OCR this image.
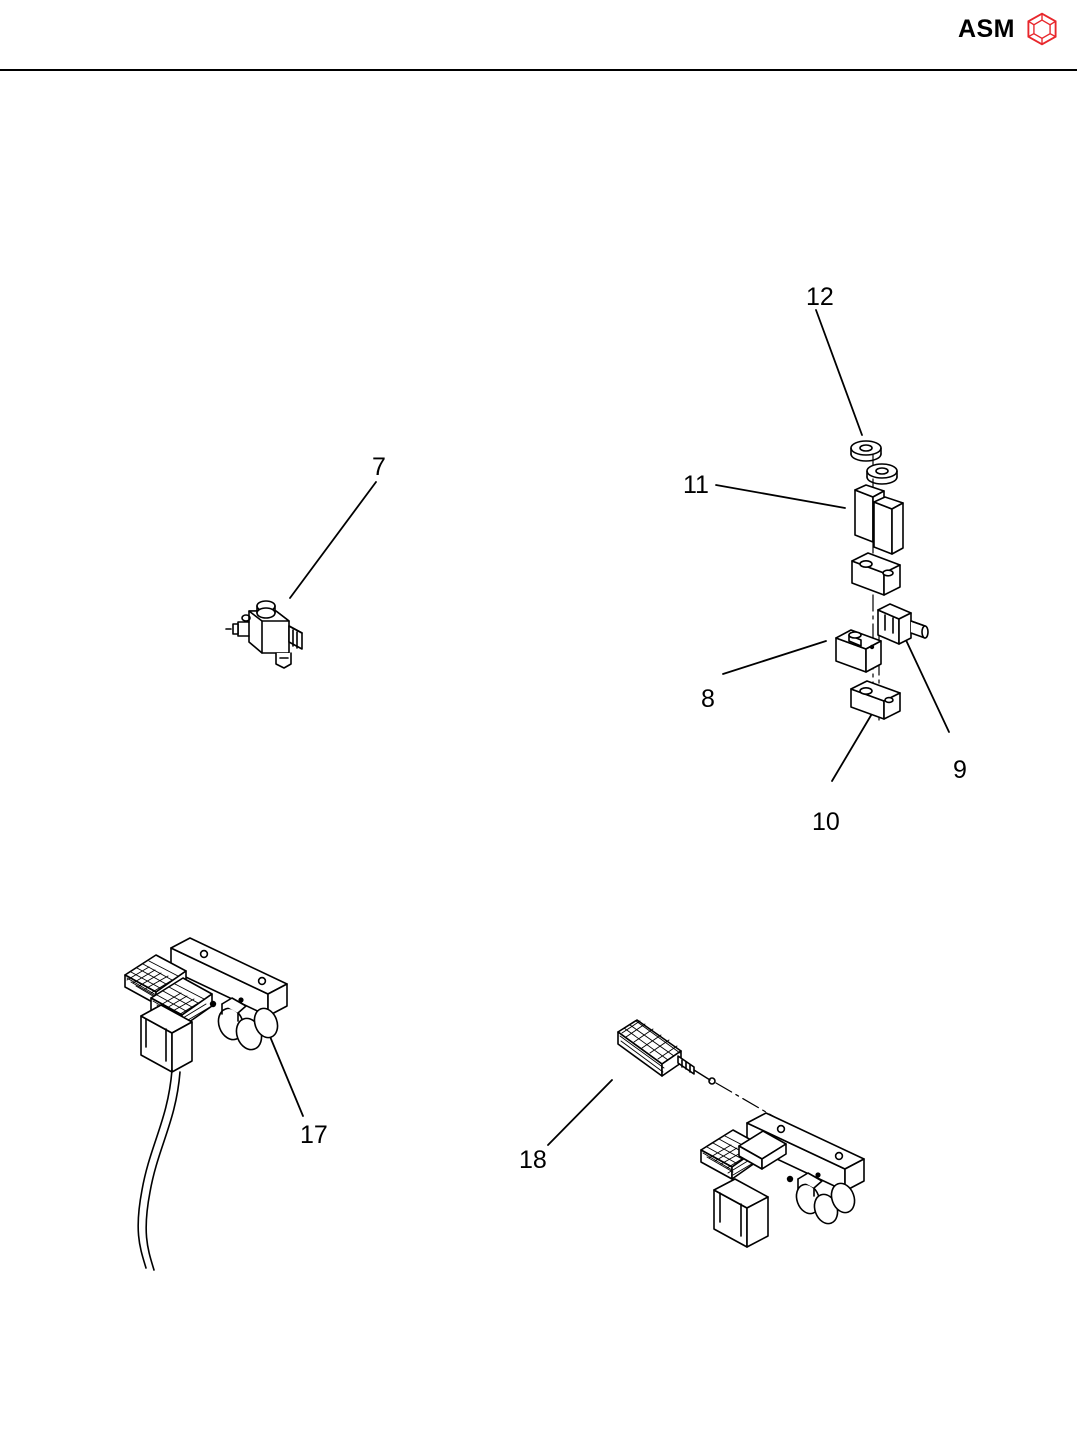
ASM
7
12
11
8
9
10
17
18
